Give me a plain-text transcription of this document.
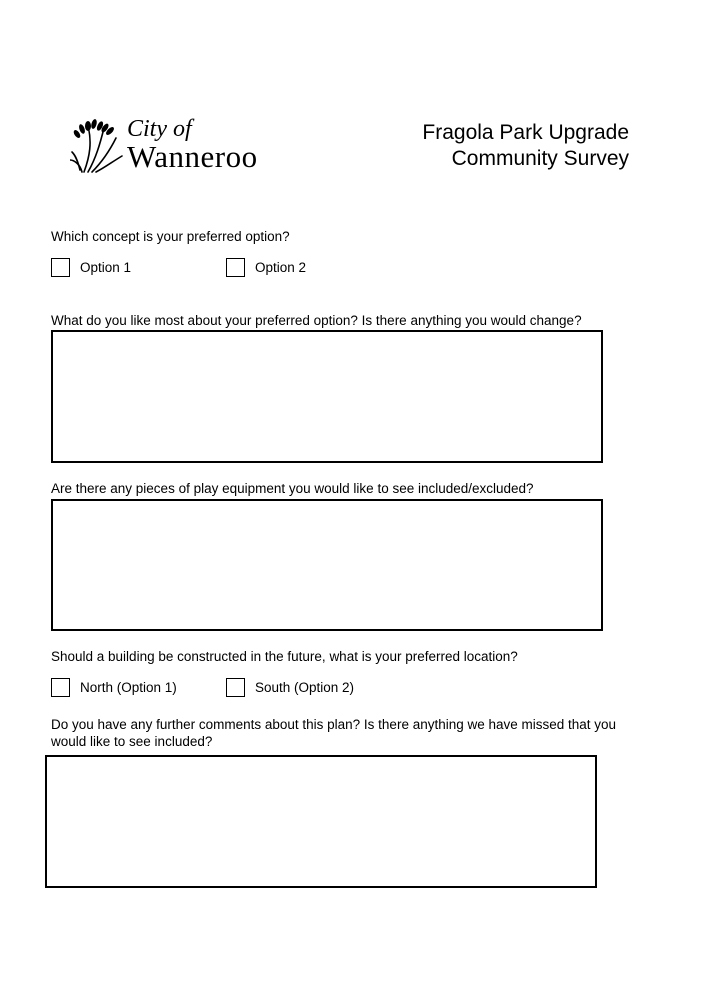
City of
Wanneroo
Fragola Park Upgrade
Community Survey
Which concept is your preferred option?
Option 1	Option 2
What do you like most about your preferred option? Is there anything you would change?
Are there any pieces of play equipment you would like to see included/excluded?
Should a building be constructed in the future, what is your preferred location?
North (Option 1)	South (Option 2)
Do you have any further comments about this plan? Is there anything we have missed that you would like to see included?
